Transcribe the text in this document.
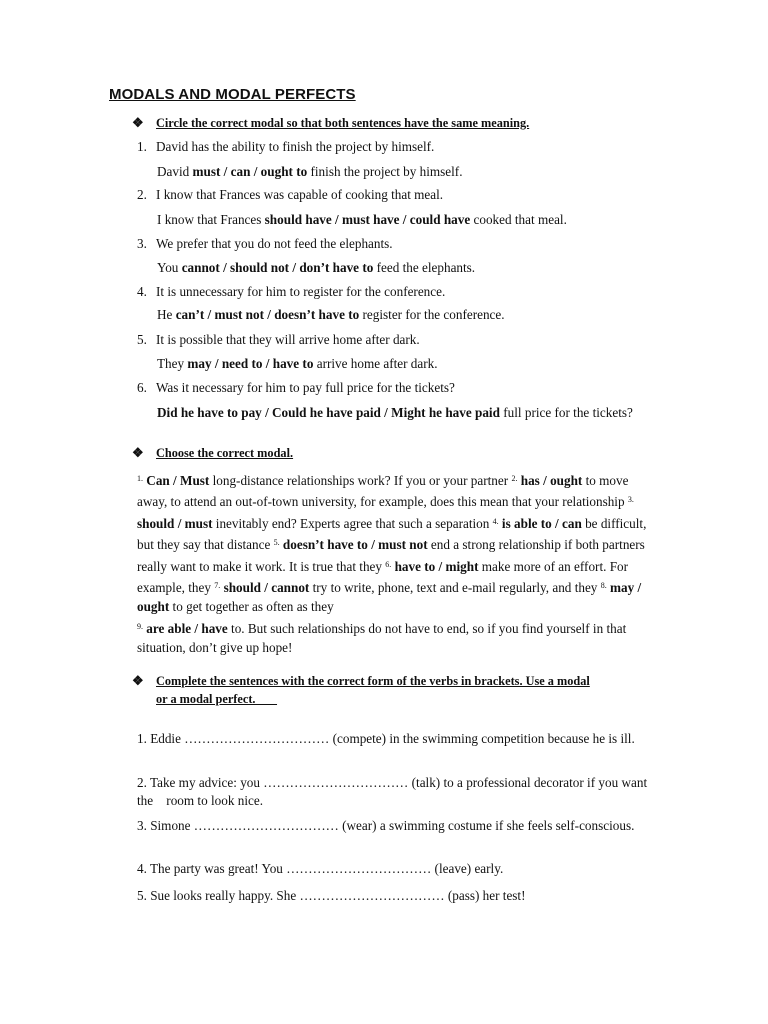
MODALS AND MODAL PERFECTS
❖	Circle the correct modal so that both sentences have the same meaning.
1. David has the ability to finish the project by himself.
David must / can / ought to finish the project by himself.
2. I know that Frances was capable of cooking that meal.
I know that Frances should have / must have / could have cooked that meal.
3. We prefer that you do not feed the elephants.
You cannot / should not / don’t have to feed the elephants.
4. It is unnecessary for him to register for the conference.
He can’t / must not / doesn’t have to register for the conference.
5. It is possible that they will arrive home after dark.
They may / need to / have to arrive home after dark.
6. Was it necessary for him to pay full price for the tickets?
Did he have to pay / Could he have paid / Might he have paid full price for the tickets?
❖	Choose the correct modal.
$^{1.}$ Can / Must long-distance relationships work? If you or your partner $^{2.}$ has / ought to move away, to attend an out-of-town university, for example, does this mean that your relationship $^{3.}$ should / must inevitably end? Experts agree that such a separation $^{4.}$ is able to / can be difficult, but they say that distance $^{5.}$ doesn’t have to / must not end a strong relationship if both partners really want to make it work. It is true that they $^{6.}$ have to / might make more of an effort. For example, they $^{7.}$ should / cannot try to write, phone, text and e-mail regularly, and they $^{8.}$ may / ought to get together as often as they
$^{9.}$ are able / have to. But such relationships do not have to end, so if you find yourself in that situation, don’t give up hope!
❖	Complete the sentences with the correct form of the verbs in brackets. Use a modal
or a modal perfect.
1. Eddie …………………………… (compete) in the swimming competition because he is ill.
2. Take my advice: you …………………………… (talk) to a professional decorator if you want the    room to look nice.
3. Simone …………………………… (wear) a swimming costume if she feels self-conscious.
4. The party was great! You …………………………… (leave) early.
5. Sue looks really happy. She …………………………… (pass) her test!
